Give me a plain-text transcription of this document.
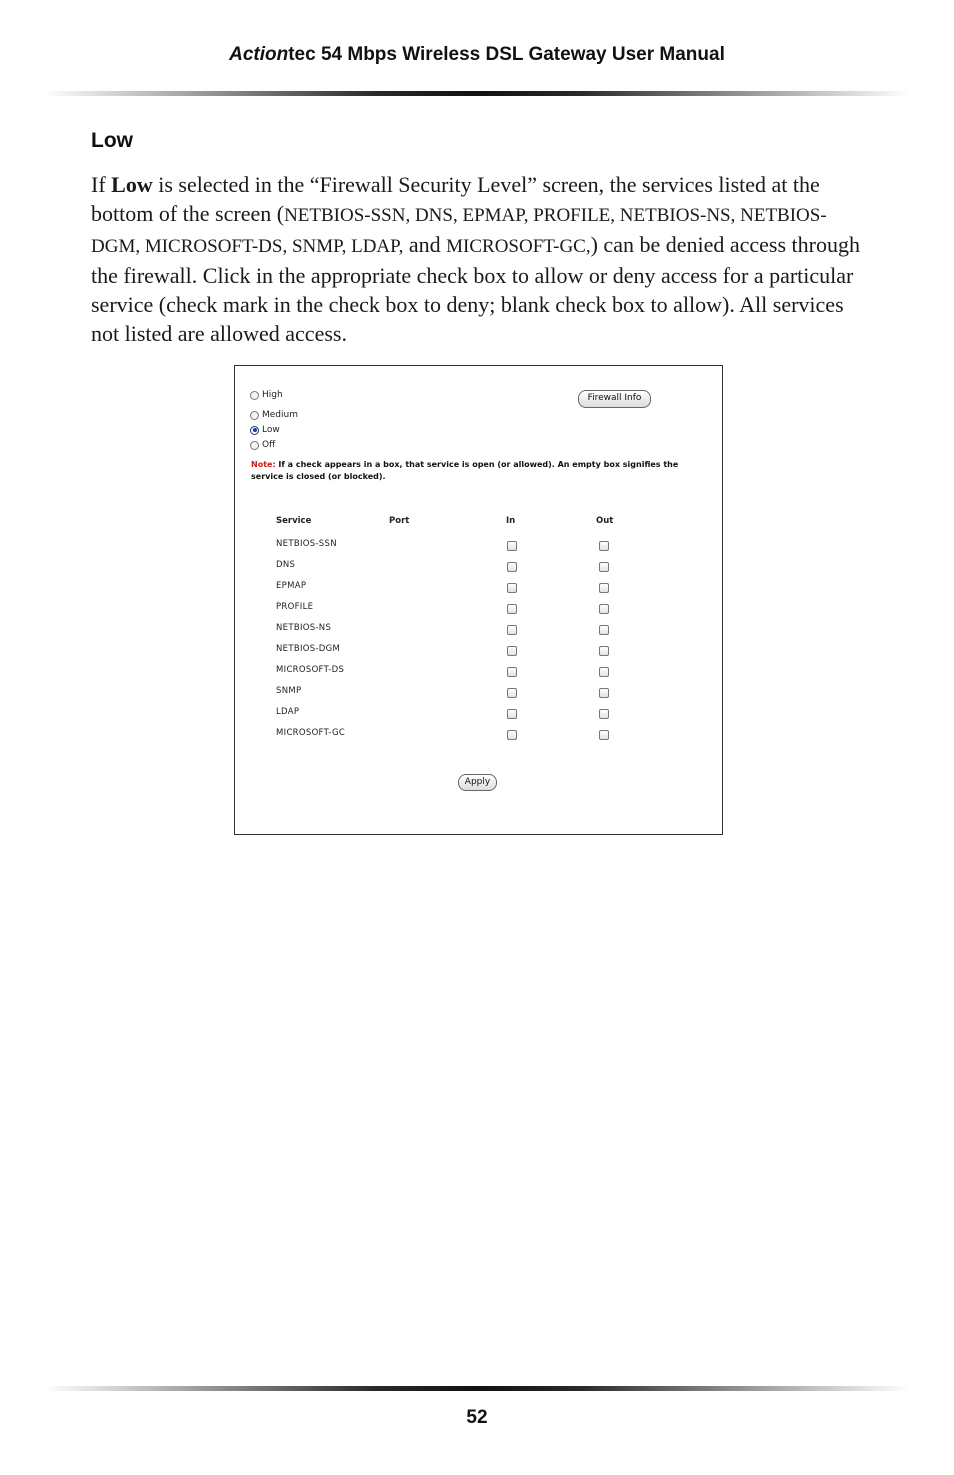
Actiontec 54 Mbps Wireless DSL Gateway User Manual
Low
If Low is selected in the “Firewall Security Level” screen, the services listed at the bottom of the screen (NETBIOS-SSN, DNS, EPMAP, PROFILE, NETBIOS-NS, NETBIOS-DGM, MICROSOFT-DS, SNMP, LDAP, and MICROSOFT-GC,) can be denied access through the firewall. Click in the appropriate check box to allow or deny access for a particular service (check mark in the check box to deny; blank check box to allow). All services not listed are allowed access.
High
Medium
Low
Off
Firewall Info
Note: If a check appears in a box, that service is open (or allowed). An empty box signifies the service is closed (or blocked).
Service	Port	In	Out
NETBIOS-SSN
DNS
EPMAP
PROFILE
NETBIOS-NS
NETBIOS-DGM
MICROSOFT-DS
SNMP
LDAP
MICROSOFT-GC
Apply
52
